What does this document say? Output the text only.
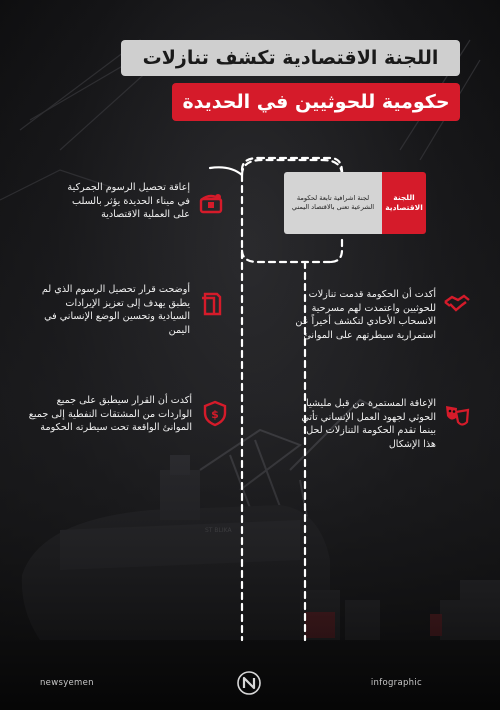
اللجنة الاقتصادية تكشف تنازلات
حكومية للحوثيين في الحديدة
لجنة اشرافية تابعة لحكومة الشرعية تعنى بالاقتصاد اليمني
اللجنة الاقتصادية
إعاقة تحصيل الرسوم الجمركية في ميناء الحديدة يؤثر بالسلب على العملية الاقتصادية
أوضحت قرار تحصيل الرسوم الذي لم يطبق يهدف إلى تعزيز الإيرادات السيادية وتحسين الوضع الإنساني في اليمن
$
أكدت أن القرار سيطبق على جميع الواردات من المشتقات النفطية إلى جميع الموانئ الواقعة تحت سيطرته الحكومة
أكدت أن الحكومة قدمت تنازلات للحوثيين واعتمدت لهم مسرحية الانسحاب الأحادي لتكشف أخيراً عن استمرارية سيطرتهم على الموانئ
الإعاقة المستمرة من قبل مليشيا الحوثي لجهود العمل الإنساني تأتي بينما تقدم الحكومة التنازلات لحل هذا الإشكال
newsyemen	infographic
